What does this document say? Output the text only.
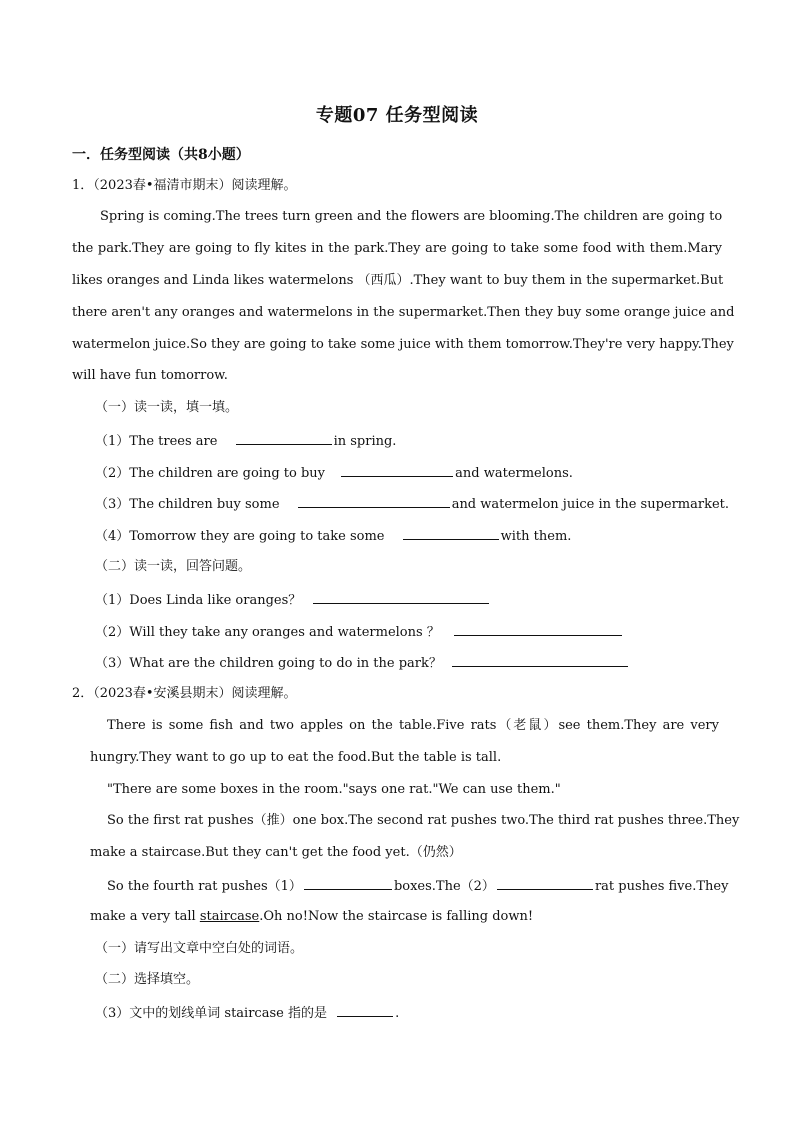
专题07 任务型阅读
一．任务型阅读（共8小题）
1．（2023春•福清市期末）阅读理解。
Spring is coming.The trees turn green and the flowers are blooming.The children are going to
the park.They are going to fly kites in the park.They are going to take some food with them.Mary
likes oranges and Linda likes watermelons （西瓜）.They want to buy them in the supermarket.But
there aren't any oranges and watermelons in the supermarket.Then they buy some orange juice and
watermelon juice.So they are going to take some juice with them tomorrow.They're very happy.They
will have fun tomorrow.
（一）读一读，填一填。
（1）The trees are	in spring.
（2）The children are going to buy	and watermelons.
（3）The children buy some	and watermelon juice in the supermarket.
（4）Tomorrow they are going to take some	with them.
（二）读一读，回答问题。
（1）Does Linda like oranges？
（2）Will they take any oranges and watermelons ？
（3）What are the children going to do in the park？
2．（2023春•安溪县期末）阅读理解。
There is some fish and two apples on the table.Five rats（老鼠）see them.They are very
hungry.They want to go up to eat the food.But the table is tall.
"There are some boxes in the room."says one rat."We can use them."
So the first rat pushes（推）one box.The second rat pushes two.The third rat pushes three.They
make a staircase.But they can't get the food yet.（仍然）
So the fourth rat pushes（1）	boxes.The（2）	rat pushes five.They
make a very tall staircase.Oh no!Now the staircase is falling down!
（一）请写出文章中空白处的词语。
（二）选择填空。
（3）文中的划线单词 staircase 指的是	.
